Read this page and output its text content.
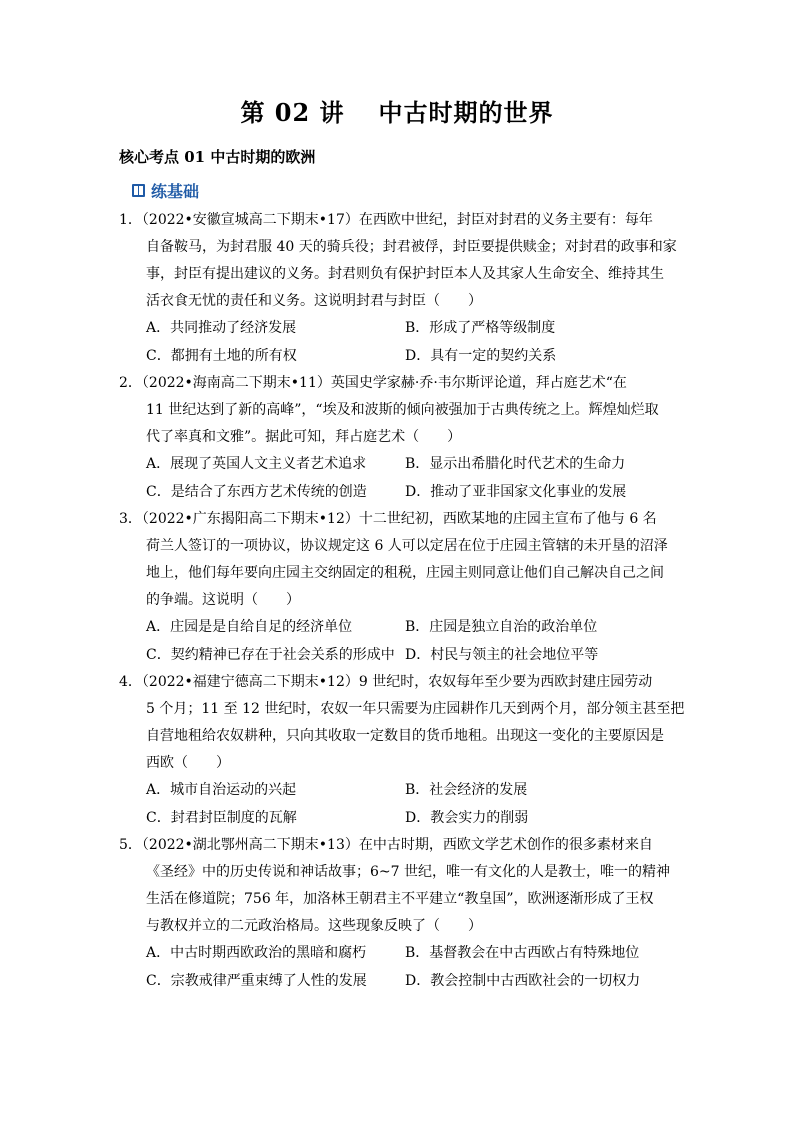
第 02 讲 中古时期的世界
核心考点 01 中古时期的欧洲
练基础
1．（2022•安徽宣城高二下期末•17）在西欧中世纪，封臣对封君的义务主要有：每年
自备鞍马，为封君服 40 天的骑兵役；封君被俘，封臣要提供赎金；对封君的政事和家
事，封臣有提出建议的义务。封君则负有保护封臣本人及其家人生命安全、维持其生
活衣食无忧的责任和义务。这说明封君与封臣（　　）
A．共同推动了经济发展	B．形成了严格等级制度
C．都拥有土地的所有权	D．具有一定的契约关系
2．（2022•海南高二下期末•11）英国史学家赫·乔·韦尔斯评论道，拜占庭艺术“在
11 世纪达到了新的高峰”，“埃及和波斯的倾向被强加于古典传统之上。辉煌灿烂取
代了率真和文雅”。据此可知，拜占庭艺术（　　）
A．展现了英国人文主义者艺术追求	B．显示出希腊化时代艺术的生命力
C．是结合了东西方艺术传统的创造	D．推动了亚非国家文化事业的发展
3．（2022•广东揭阳高二下期末•12）十二世纪初，西欧某地的庄园主宣布了他与 6 名
荷兰人签订的一项协议，协议规定这 6 人可以定居在位于庄园主管辖的未开垦的沼泽
地上，他们每年要向庄园主交纳固定的租税，庄园主则同意让他们自己解决自己之间
的争端。这说明（　　）
A．庄园是是自给自足的经济单位	B．庄园是独立自治的政治单位
C．契约精神已存在于社会关系的形成中 D．村民与领主的社会地位平等
4．（2022•福建宁德高二下期末•12）9 世纪时，农奴每年至少要为西欧封建庄园劳动
5 个月；11 至 12 世纪时，农奴一年只需要为庄园耕作几天到两个月，部分领主甚至把
自营地租给农奴耕种，只向其收取一定数目的货币地租。出现这一变化的主要原因是
西欧（　　）
A．城市自治运动的兴起	B．社会经济的发展
C．封君封臣制度的瓦解	D．教会实力的削弱
5．（2022•湖北鄂州高二下期末•13）在中古时期，西欧文学艺术创作的很多素材来自
《圣经》中的历史传说和神话故事；6~7 世纪，唯一有文化的人是教士，唯一的精神
生活在修道院；756 年，加洛林王朝君主不平建立“教皇国”，欧洲逐渐形成了王权
与教权并立的二元政治格局。这些现象反映了（　　）
A．中古时期西欧政治的黑暗和腐朽	B．基督教会在中古西欧占有特殊地位
C．宗教戒律严重束缚了人性的发展	D．教会控制中古西欧社会的一切权力
